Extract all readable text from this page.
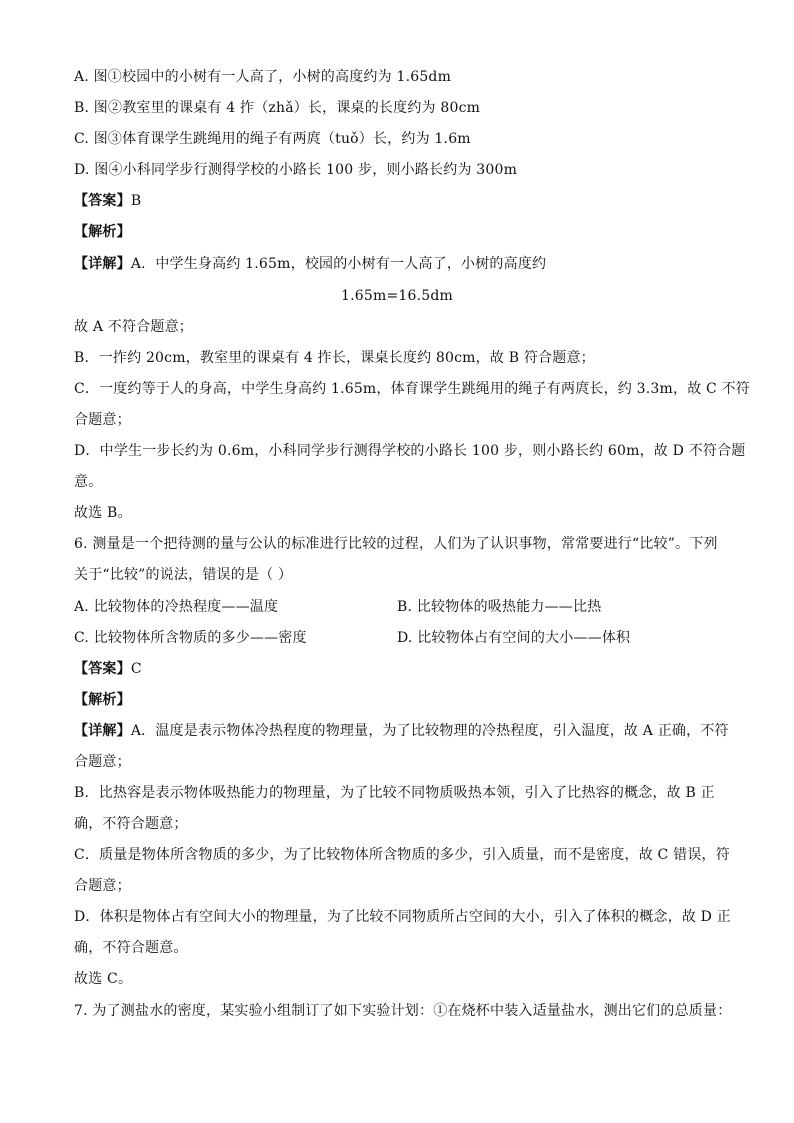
A. 图①校园中的小树有一人高了，小树的高度约为 1.65dm
B. 图②教室里的课桌有 4 拃（zhǎ）长，课桌的长度约为 80cm
C. 图③体育课学生跳绳用的绳子有两庹（tuǒ）长，约为 1.6m
D. 图④小科同学步行测得学校的小路长 100 步，则小路长约为 300m
【答案】B
【解析】
【详解】A．中学生身高约 1.65m，校园的小树有一人高了，小树的高度约
1.65m=16.5dm
故 A 不符合题意；
B．一拃约 20cm，教室里的课桌有 4 拃长，课桌长度约 80cm，故 B 符合题意；
C．一度约等于人的身高，中学生身高约 1.65m，体育课学生跳绳用的绳子有两庹长，约 3.3m，故 C 不符
合题意；
D．中学生一步长约为 0.6m，小科同学步行测得学校的小路长 100 步，则小路长约 60m，故 D 不符合题
意。
故选 B。
6. 测量是一个把待测的量与公认的标准进行比较的过程，人们为了认识事物，常常要进行“比较”。下列
关于“比较”的说法，错误的是（ ）
A. 比较物体的冷热程度——温度	B. 比较物体的吸热能力——比热
C. 比较物体所含物质的多少——密度	D. 比较物体占有空间的大小——体积
【答案】C
【解析】
【详解】A．温度是表示物体冷热程度的物理量，为了比较物理的冷热程度，引入温度，故 A 正确，不符
合题意；
B．比热容是表示物体吸热能力的物理量，为了比较不同物质吸热本领，引入了比热容的概念，故 B 正
确，不符合题意；
C．质量是物体所含物质的多少，为了比较物体所含物质的多少，引入质量，而不是密度，故 C 错误，符
合题意；
D．体积是物体占有空间大小的物理量，为了比较不同物质所占空间的大小，引入了体积的概念，故 D 正
确，不符合题意。
故选 C。
7. 为了测盐水的密度，某实验小组制订了如下实验计划：①在烧杯中装入适量盐水，测出它们的总质量：
